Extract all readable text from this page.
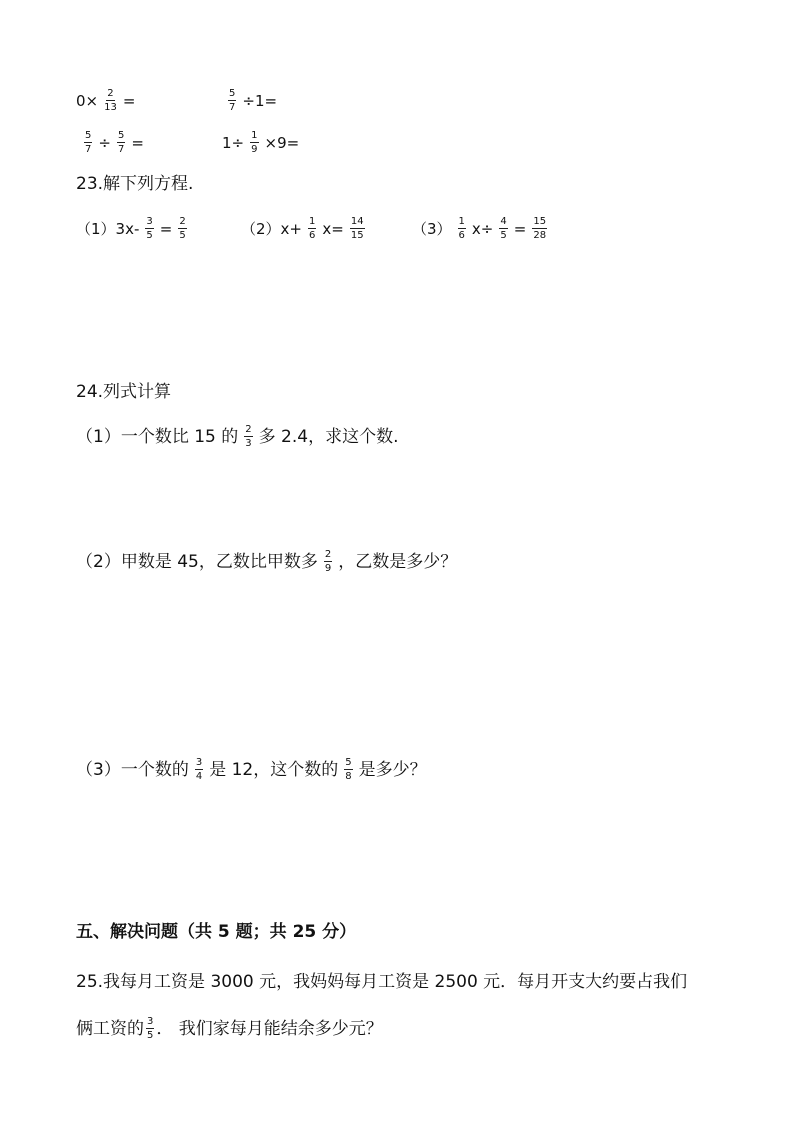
$0\times \frac{2}{13}$ =	$\frac{5}{7} \div 1=$
$\frac{5}{7} \div \frac{5}{7}$ =	$1\div \frac{1}{9} \times 9=$
23.解下列方程.
$(1)3x- \frac{3}{5} = \frac{2}{5}$	$(2)x+ \frac{1}{6} x= \frac{14}{15}$	$(3) \frac{1}{6} x\div \frac{4}{5} = \frac{15}{28}$
24.列式计算
（1）一个数比 15 的 $\frac{2}{3}$ 多 2.4，求这个数.
（2）甲数是 45，乙数比甲数多 $\frac{2}{9}$ ，乙数是多少？
（3）一个数的 $\frac{3}{4}$ 是 12，这个数的 $\frac{5}{8}$ 是多少？
五、解决问题（共 5 题；共 25 分）
25.我每月工资是 3000 元，我妈妈每月工资是 2500 元．每月开支大约要占我们
俩工资的 $\frac{3}{5}$ ． 我们家每月能结余多少元？
